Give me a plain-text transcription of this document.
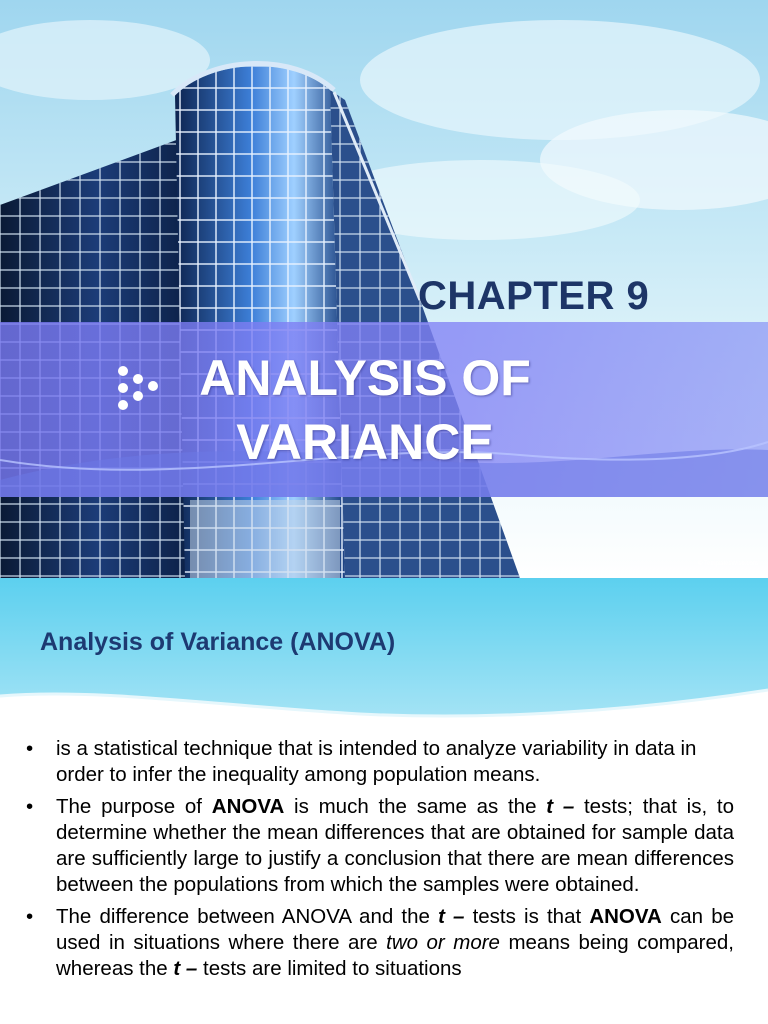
CHAPTER 9
ANALYSIS OF
VARIANCE
© TemplatesWise.com
Analysis of Variance (ANOVA)
• is a statistical technique that is intended to analyze variability in data in order to infer the inequality among population means.
• The purpose of ANOVA is much the same as the t – tests; that is, to determine whether the mean differences that are obtained for sample data are sufficiently large to justify a conclusion that there are mean differences between the populations from which the samples were obtained.
• The difference between ANOVA and the t – tests is that ANOVA can be used in situations where there are two or more means being compared, whereas the t – tests are limited to situations
